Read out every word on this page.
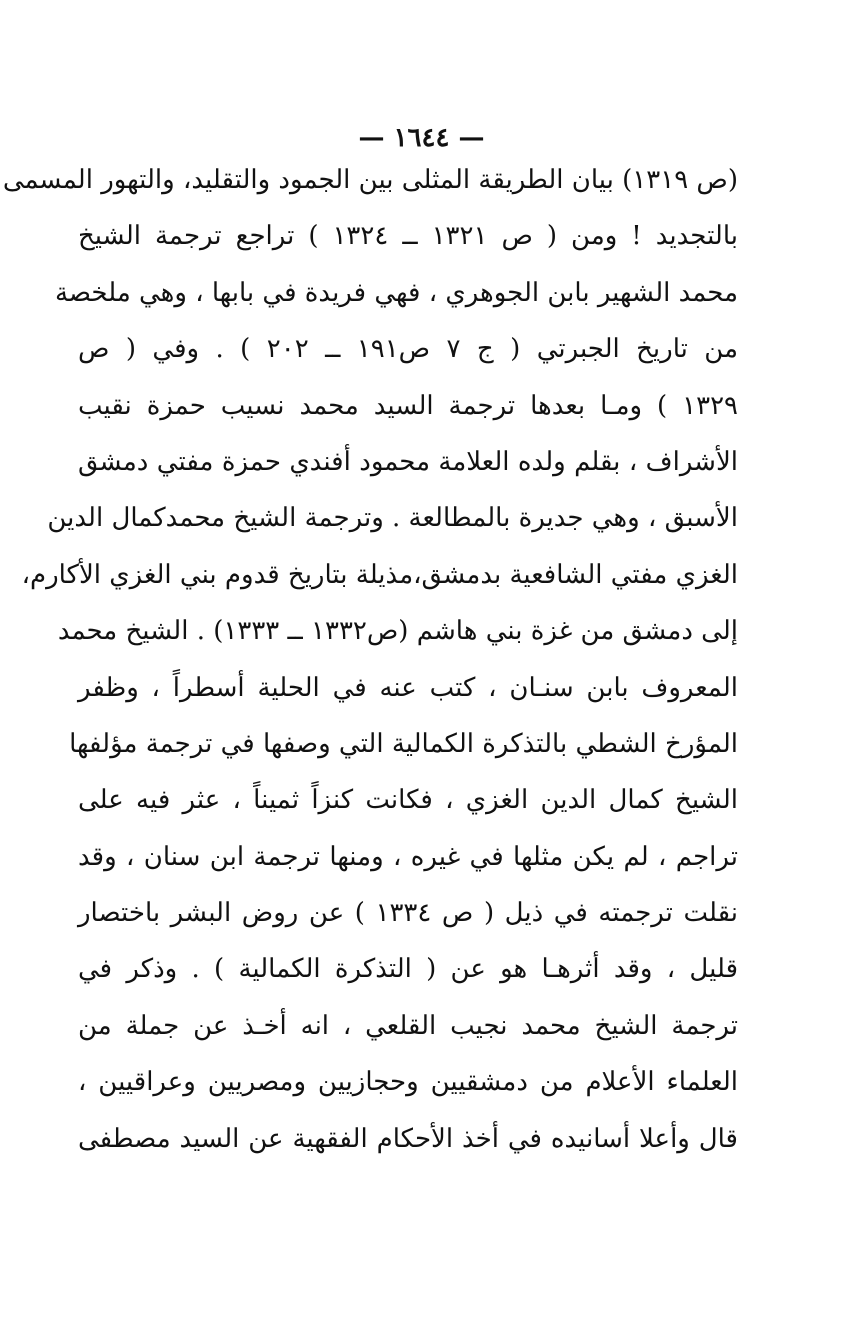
— ١٦٤٤ —
(ص ١٣١٩) بيان الطريقة المثلى بين الجمود والتقليد، والتهور المسمى
بالتجديد ! ومن ( ص ١٣٢١ ــ ١٣٢٤ ) تراجع ترجمة الشيخ
محمد الشهير بابن الجوهري ، فهي فريدة في بابها ، وهي ملخصة
من تاريخ الجبرتي ( ج ٧ ص١٩١ ــ ٢٠٢ ) . وفي ( ص
١٣٢٩ ) ومـا بعدها ترجمة السيد محمد نسيب حمزة نقيب
الأشراف ، بقلم ولده العلامة محمود أفندي حمزة مفتي دمشق
الأسبق ، وهي جديرة بالمطالعة . وترجمة الشيخ محمدكمال الدين
الغزي مفتي الشافعية بدمشق،مذيلة بتاريخ قدوم بني الغزي الأكارم،
إلى دمشق من غزة بني هاشم (ص١٣٣٢ ــ ١٣٣٣) . الشيخ محمد
المعروف بابن سنـان ، كتب عنه في الحلية أسطراً ، وظفر
المؤرخ الشطي بالتذكرة الكمالية التي وصفها في ترجمة مؤلفها
الشيخ كمال الدين الغزي ، فكانت كنزاً ثميناً ، عثر فيه على
تراجم ، لم يكن مثلها في غيره ، ومنها ترجمة ابن سنان ، وقد
نقلت ترجمته في ذيل ( ص ١٣٣٤ ) عن روض البشر باختصار
قليل ، وقد أثرهـا هو عن ( التذكرة الكمالية ) . وذكر في
ترجمة الشيخ محمد نجيب القلعي ، انه أخـذ عن جملة من
العلماء الأعلام من دمشقيين وحجازيين ومصريين وعراقيين ،
قال وأعلا أسانيده في أخذ الأحكام الفقهية عن السيد مصطفى
